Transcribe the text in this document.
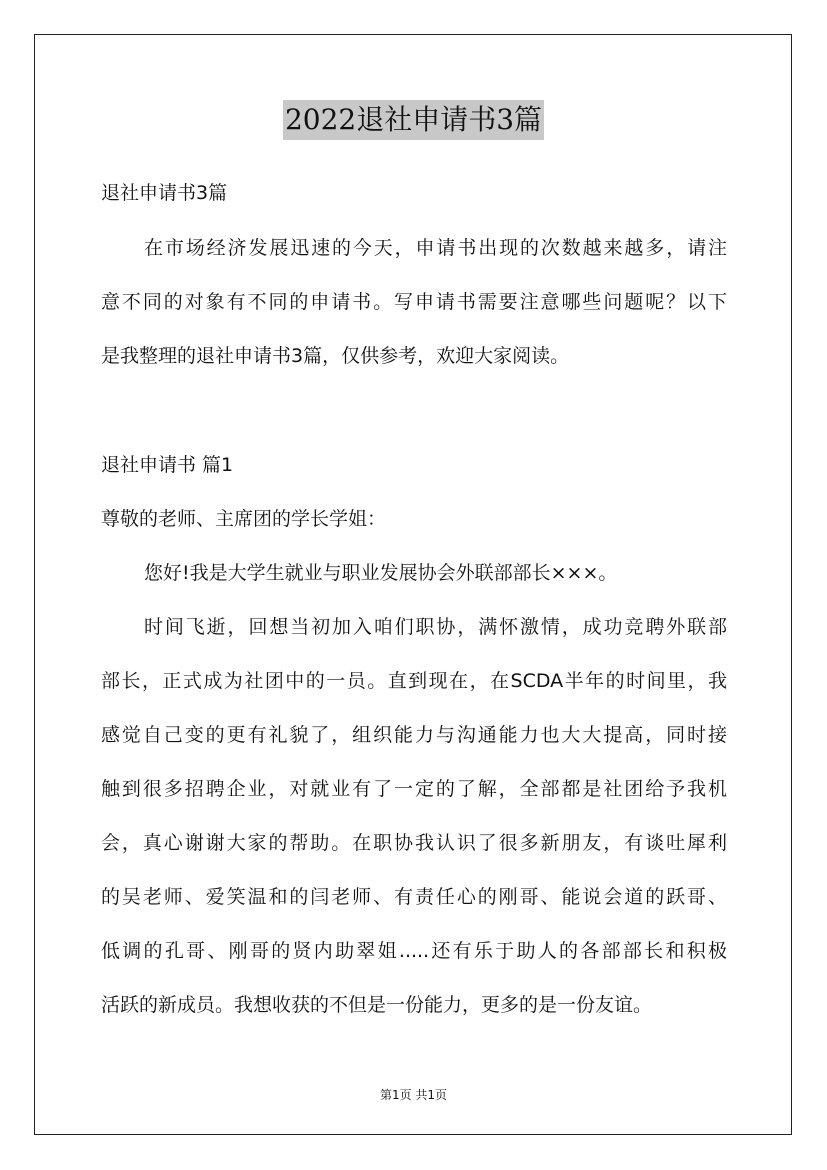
2022退社申请书3篇
退社申请书3篇
在市场经济发展迅速的今天，申请书出现的次数越来越多，请注
意不同的对象有不同的申请书。写申请书需要注意哪些问题呢？以下
是我整理的退社申请书3篇，仅供参考，欢迎大家阅读。
退社申请书 篇1
尊敬的老师、主席团的学长学姐：
您好!我是大学生就业与职业发展协会外联部部长×××。
时间飞逝，回想当初加入咱们职协，满怀激情，成功竞聘外联部
部长，正式成为社团中的一员。直到现在，在SCDA半年的时间里，我
感觉自己变的更有礼貌了，组织能力与沟通能力也大大提高，同时接
触到很多招聘企业，对就业有了一定的了解，全部都是社团给予我机
会，真心谢谢大家的帮助。在职协我认识了很多新朋友，有谈吐犀利
的吴老师、爱笑温和的闫老师、有责任心的刚哥、能说会道的跃哥、
低调的孔哥、刚哥的贤内助翠姐.....还有乐于助人的各部部长和积极
活跃的新成员。我想收获的不但是一份能力，更多的是一份友谊。
第1页 共1页
